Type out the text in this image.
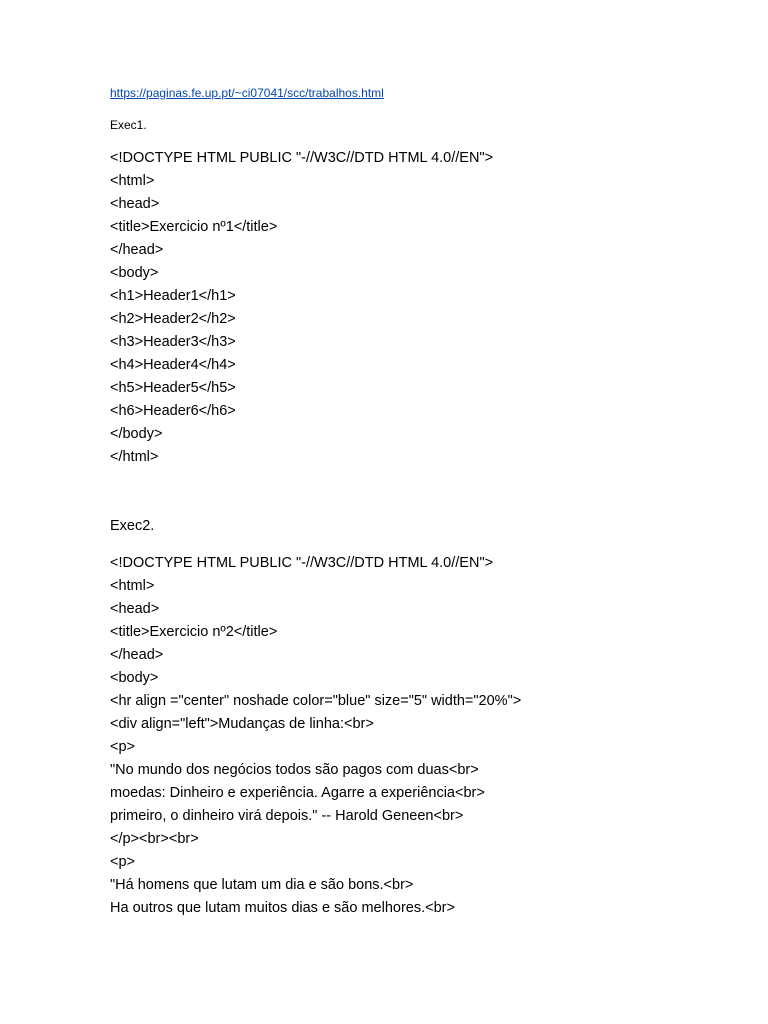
https://paginas.fe.up.pt/~ci07041/scc/trabalhos.html
Exec1.
<!DOCTYPE HTML PUBLIC "-//W3C//DTD HTML 4.0//EN">
<html>
<head>
<title>Exercicio nº1</title>
</head>
<body>
<h1>Header1</h1>
<h2>Header2</h2>
<h3>Header3</h3>
<h4>Header4</h4>
<h5>Header5</h5>
<h6>Header6</h6>
</body>
</html>
Exec2.
<!DOCTYPE HTML PUBLIC "-//W3C//DTD HTML 4.0//EN">
<html>
<head>
<title>Exercicio nº2</title>
</head>
<body>
<hr align ="center" noshade color="blue" size="5" width="20%">
<div align="left">Mudanças de linha:<br>
<p>
"No mundo dos negócios todos são pagos com duas<br>
moedas: Dinheiro e experiência. Agarre a experiência<br>
primeiro, o dinheiro virá depois." -- Harold Geneen<br>
</p><br><br>
<p>
"Há homens que lutam um dia e são bons.<br>
Ha outros que lutam muitos dias e são melhores.<br>
